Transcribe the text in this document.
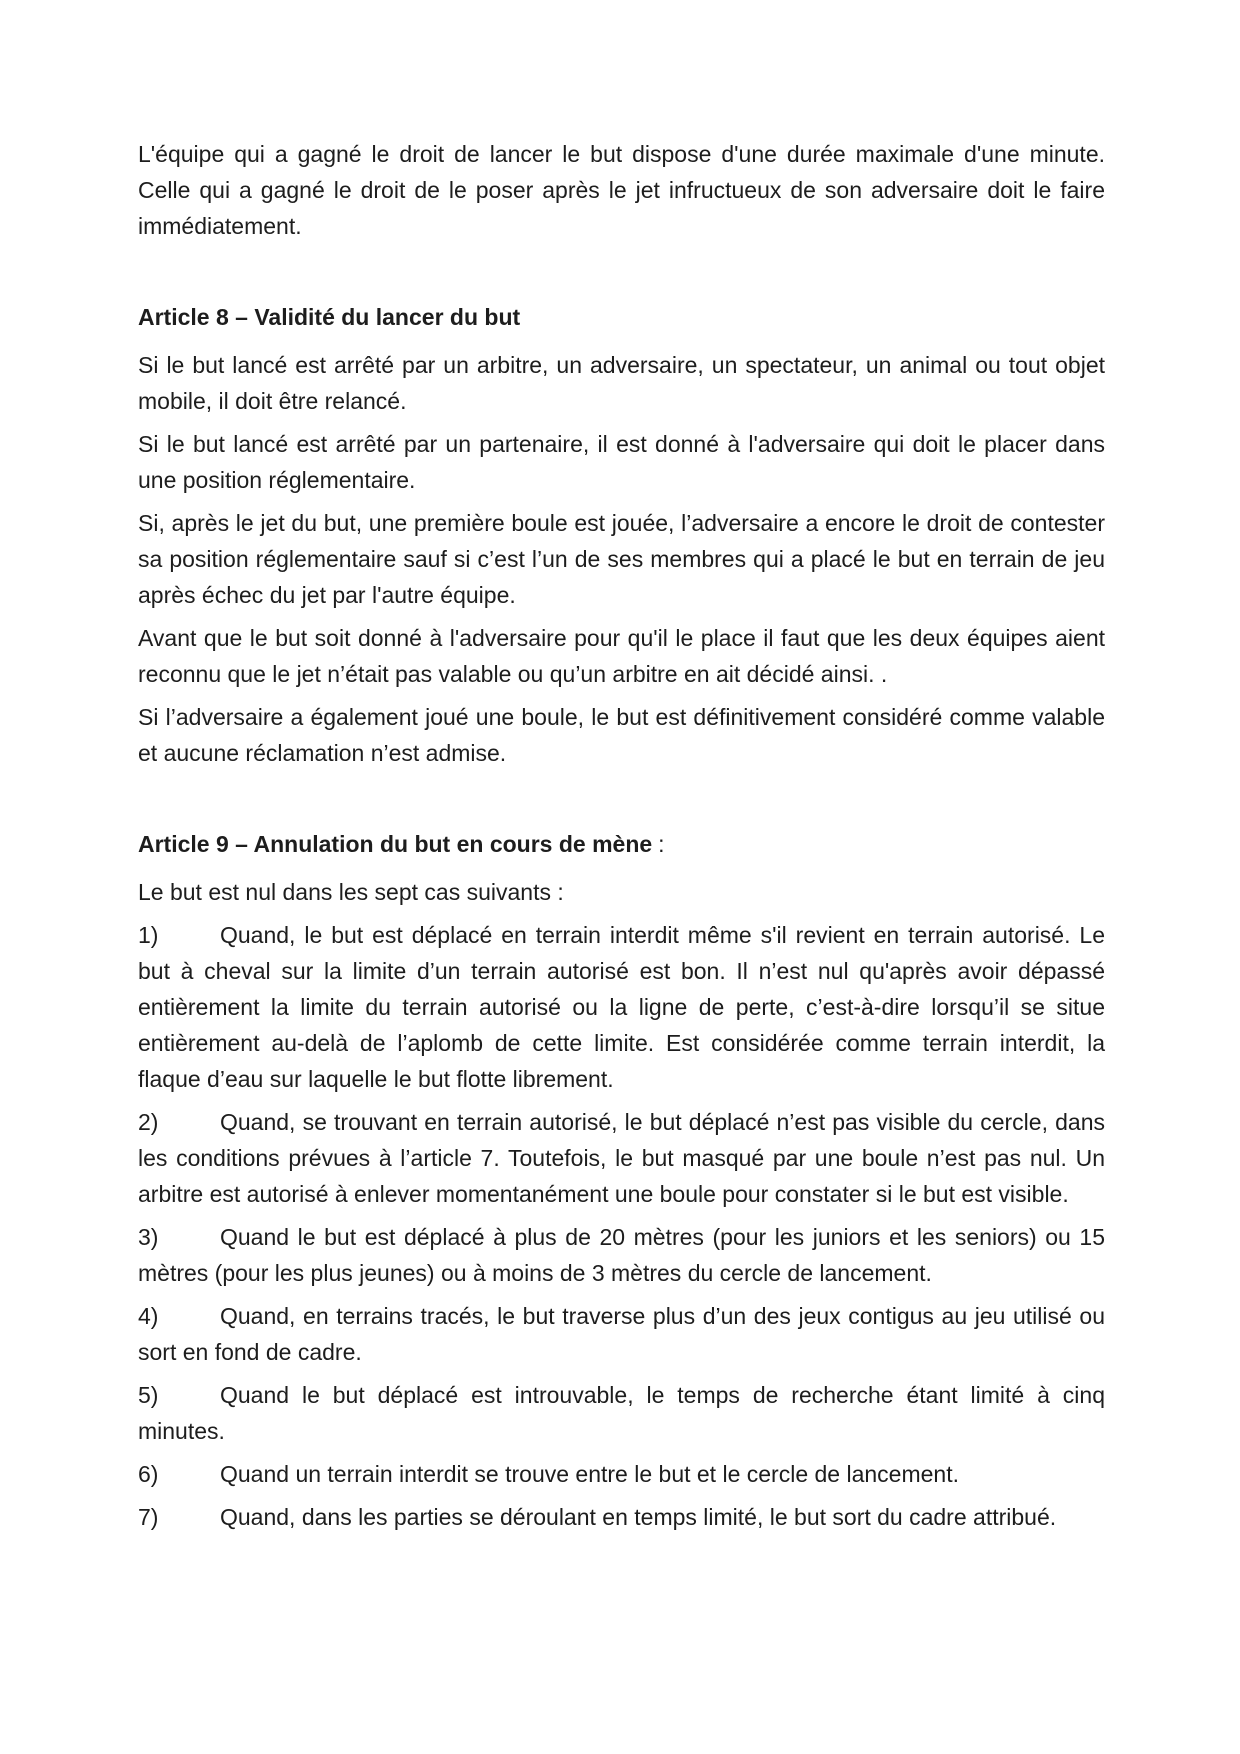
L'équipe qui a gagné le droit de lancer le but dispose d'une durée maximale d'une minute. Celle qui a gagné le droit de le poser après le jet infructueux de son adversaire doit le faire immédiatement.

Article 8 – Validité du lancer du but

Si le but lancé est arrêté par un arbitre, un adversaire, un spectateur, un animal ou tout objet mobile, il doit être relancé.

Si le but lancé est arrêté par un partenaire, il est donné à l'adversaire qui doit le placer dans une position réglementaire.

Si, après le jet du but, une première boule est jouée, l’adversaire a encore le droit de contester sa position réglementaire sauf si c’est l’un de ses membres qui a placé le but en terrain de jeu après échec du jet par l'autre équipe.

Avant que le but soit donné à l'adversaire pour qu'il le place il faut que les deux équipes aient reconnu que le jet n’était pas valable ou qu’un arbitre en ait décidé ainsi. .

Si l’adversaire a également joué une boule, le but est définitivement considéré comme valable et aucune réclamation n’est admise.

Article 9 – Annulation du but en cours de mène :

Le but est nul dans les sept cas suivants :

1)	Quand, le but est déplacé en terrain interdit même s'il revient en terrain autorisé. Le but à cheval sur la limite d’un terrain autorisé est bon. Il n’est nul qu'après avoir dépassé entièrement la limite du terrain autorisé ou la ligne de perte, c’est-à-dire lorsqu’il se situe entièrement au-delà de l’aplomb de cette limite. Est considérée comme terrain interdit, la flaque d’eau sur laquelle le but flotte librement.
2)	Quand, se trouvant en terrain autorisé, le but déplacé n’est pas visible du cercle, dans les conditions prévues à l’article 7. Toutefois, le but masqué par une boule n’est pas nul. Un arbitre est autorisé à enlever momentanément une boule pour constater si le but est visible.
3)	Quand le but est déplacé à plus de 20 mètres (pour les juniors et les seniors) ou 15 mètres (pour les plus jeunes) ou à moins de 3 mètres du cercle de lancement.
4)	Quand, en terrains tracés, le but traverse plus d’un des jeux contigus au jeu utilisé ou sort en fond de cadre.
5)	Quand le but déplacé est introuvable, le temps de recherche étant limité à cinq minutes.
6)	Quand un terrain interdit se trouve entre le but et le cercle de lancement.
7)	Quand, dans les parties se déroulant en temps limité, le but sort du cadre attribué.
